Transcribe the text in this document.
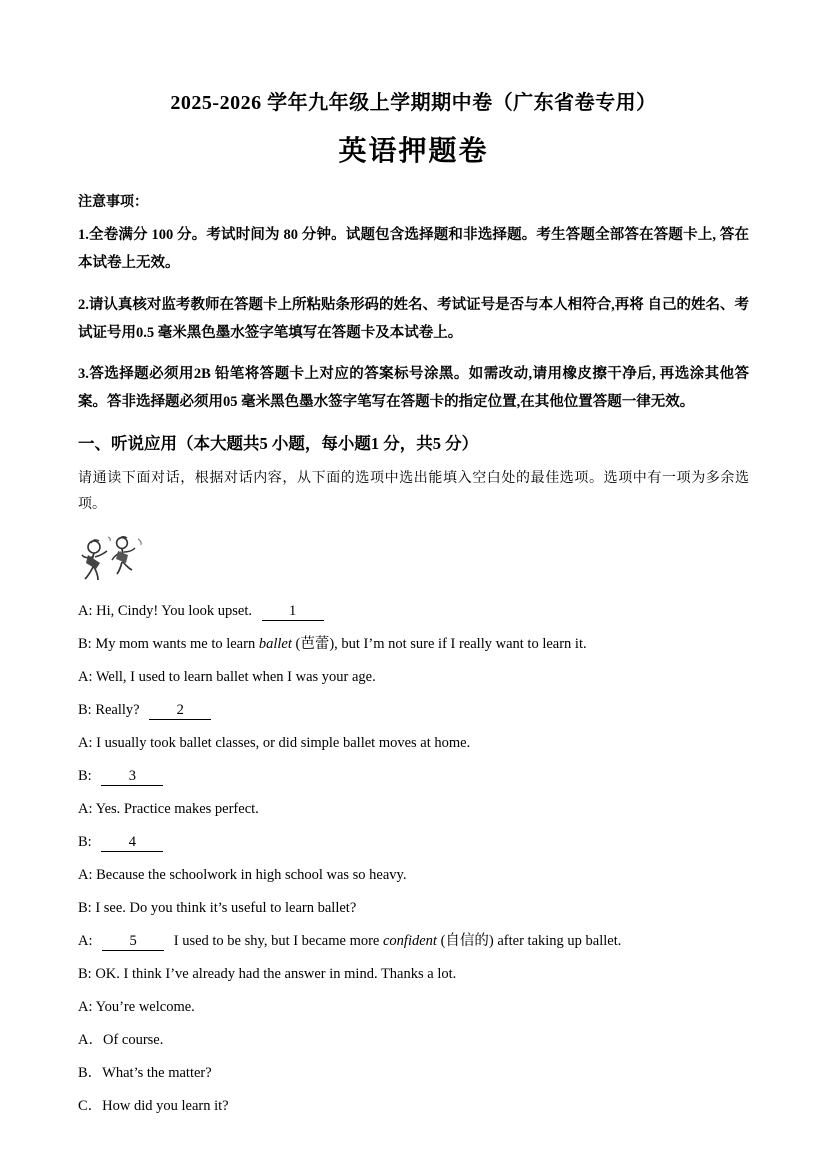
2025-2026 学年九年级上学期期中卷（广东省卷专用）
英语押题卷
注意事项：

1.全卷满分 100 分。考试时间为 80 分钟。试题包含选择题和非选择题。考生答题全部答在答题卡上, 答在本试卷上无效。

2.请认真核对监考教师在答题卡上所粘贴条形码的姓名、考试证号是否与本人相符合,再将 自己的姓名、考试证号用0.5 毫米黑色墨水签字笔填写在答题卡及本试卷上。

3.答选择题必须用2B 铅笔将答题卡上对应的答案标号涂黑。如需改动,请用橡皮擦干净后, 再选涂其他答案。答非选择题必须用05 毫米黑色墨水签字笔写在答题卡的指定位置,在其他位置答题一律无效。

一、听说应用（本大题共5 小题，每小题1 分，共5 分）

请通读下面对话，根据对话内容，从下面的选项中选出能填入空白处的最佳选项。选项中有一项为多余选项。

A: Hi, Cindy! You look upset. 1

B: My mom wants me to learn ballet (芭蕾), but I’m not sure if I really want to learn it.

A: Well, I used to learn ballet when I was your age.

B: Really? 2

A: I usually took ballet classes, or did simple ballet moves at home.

B: 3

A: Yes. Practice makes perfect.

B: 4

A: Because the schoolwork in high school was so heavy.

B: I see. Do you think it’s useful to learn ballet?

A: 5 I used to be shy, but I became more confident (自信的) after taking up ballet.

B: OK. I think I’ve already had the answer in mind. Thanks a lot.

A: You’re welcome.

A．Of course.

B．What’s the matter?

C．How did you learn it?
